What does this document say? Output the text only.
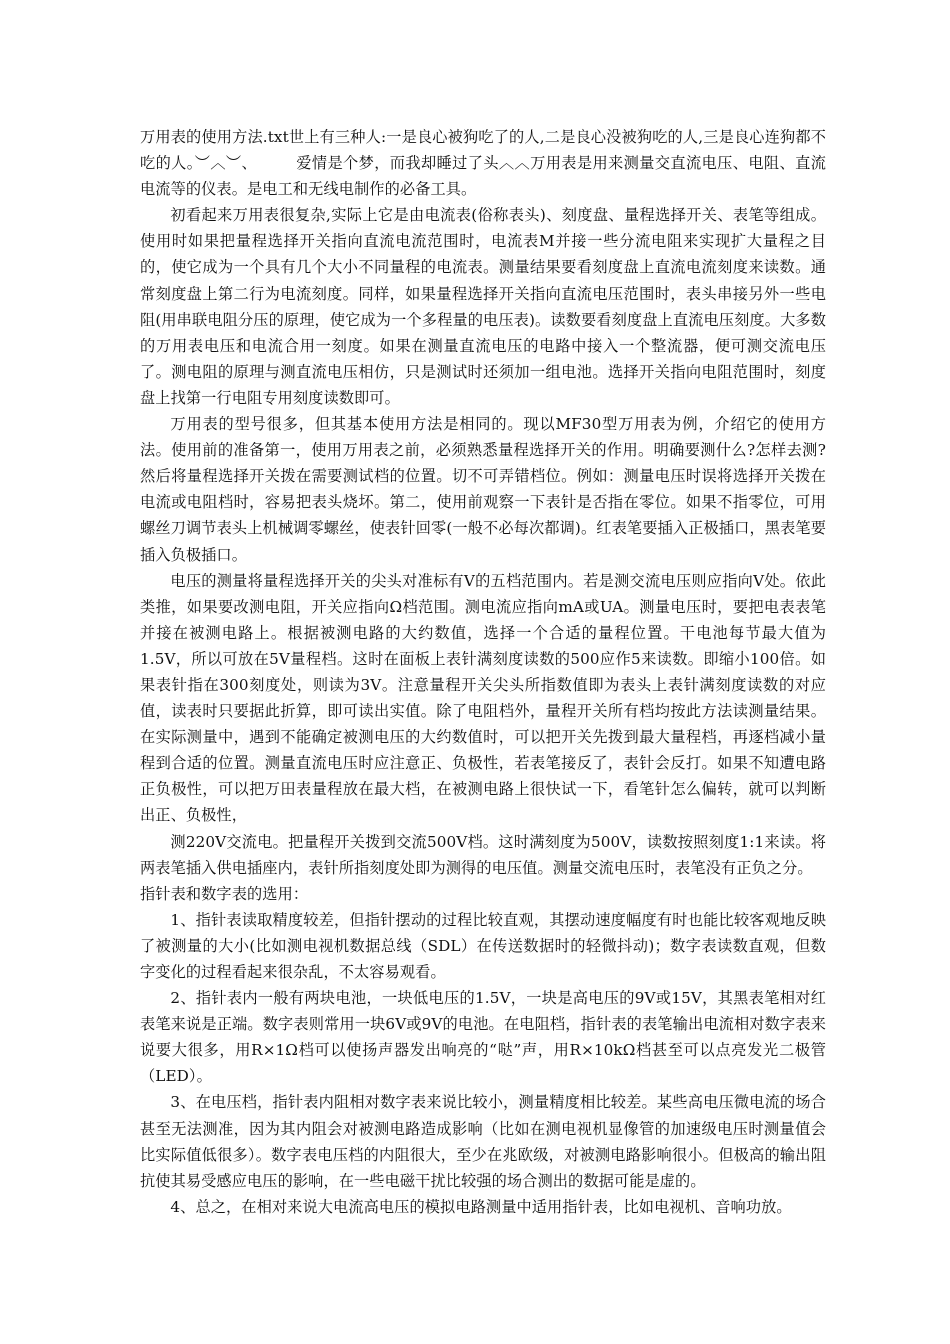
万用表的使用方法.txt世上有三种人:一是良心被狗吃了的人,二是良心没被狗吃的人,三是良心连狗都不吃的人。︶︿︶、　　　爱情是个梦，而我却睡过了头︿︿万用表是用来测量交直流电压、电阻、直流电流等的仪表。是电工和无线电制作的必备工具。

初看起来万用表很复杂,实际上它是由电流表(俗称表头)、刻度盘、量程选择开关、表笔等组成。使用时如果把量程选择开关指向直流电流范围时，电流表M并接一些分流电阻来实现扩大量程之目的，使它成为一个具有几个大小不同量程的电流表。测量结果要看刻度盘上直流电流刻度来读数。通常刻度盘上第二行为电流刻度。同样，如果量程选择开关指向直流电压范围时，表头串接另外一些电阻(用串联电阻分压的原理，使它成为一个多程量的电压表)。读数要看刻度盘上直流电压刻度。大多数的万用表电压和电流合用一刻度。如果在测量直流电压的电路中接入一个整流器，便可测交流电压了。测电阻的原理与测直流电压相仿，只是测试时还须加一组电池。选择开关指向电阻范围时，刻度盘上找第一行电阻专用刻度读数即可。

万用表的型号很多，但其基本使用方法是相同的。现以MF30型万用表为例，介绍它的使用方法。使用前的准备第一，使用万用表之前，必须熟悉量程选择开关的作用。明确要测什么?怎样去测?然后将量程选择开关拨在需要测试档的位置。切不可弄错档位。例如：测量电压时误将选择开关拨在电流或电阻档时，容易把表头烧坏。第二，使用前观察一下表针是否指在零位。如果不指零位，可用螺丝刀调节表头上机械调零螺丝，使表针回零(一般不必每次都调)。红表笔要插入正极插口，黑表笔要插入负极插口。

电压的测量将量程选择开关的尖头对准标有V的五档范围内。若是测交流电压则应指向V处。依此类推，如果要改测电阻，开关应指向Ω档范围。测电流应指向mA或UA。测量电压时，要把电表表笔并接在被测电路上。根据被测电路的大约数值，选择一个合适的量程位置。干电池每节最大值为1.5V，所以可放在5V量程档。这时在面板上表针满刻度读数的500应作5来读数。即缩小100倍。如果表针指在300刻度处，则读为3V。注意量程开关尖头所指数值即为表头上表针满刻度读数的对应值，读表时只要据此折算，即可读出实值。除了电阻档外，量程开关所有档均按此方法读测量结果。在实际测量中，遇到不能确定被测电压的大约数值时，可以把开关先拨到最大量程档，再逐档减小量程到合适的位置。测量直流电压时应注意正、负极性，若表笔接反了，表针会反打。如果不知遭电路正负极性，可以把万田表量程放在最大档，在被测电路上很快试一下，看笔针怎么偏转，就可以判断出正、负极性，

测220V交流电。把量程开关拨到交流500V档。这时满刻度为500V，读数按照刻度1:1来读。将两表笔插入供电插座内，表针所指刻度处即为测得的电压值。测量交流电压时，表笔没有正负之分。

指针表和数字表的选用：

1、指针表读取精度较差，但指针摆动的过程比较直观，其摆动速度幅度有时也能比较客观地反映了被测量的大小(比如测电视机数据总线（SDL）在传送数据时的轻微抖动)；数字表读数直观，但数字变化的过程看起来很杂乱，不太容易观看。

2、指针表内一般有两块电池，一块低电压的1.5V，一块是高电压的9V或15V，其黑表笔相对红表笔来说是正端。数字表则常用一块6V或9V的电池。在电阻档，指针表的表笔输出电流相对数字表来说要大很多，用R×1Ω档可以使扬声器发出响亮的“哒”声，用R×10kΩ档甚至可以点亮发光二极管（LED）。

3、在电压档，指针表内阻相对数字表来说比较小，测量精度相比较差。某些高电压微电流的场合甚至无法测准，因为其内阻会对被测电路造成影响（比如在测电视机显像管的加速级电压时测量值会比实际值低很多）。数字表电压档的内阻很大，至少在兆欧级，对被测电路影响很小。但极高的输出阻抗使其易受感应电压的影响，在一些电磁干扰比较强的场合测出的数据可能是虚的。

4、总之，在相对来说大电流高电压的模拟电路测量中适用指针表，比如电视机、音响功放。
